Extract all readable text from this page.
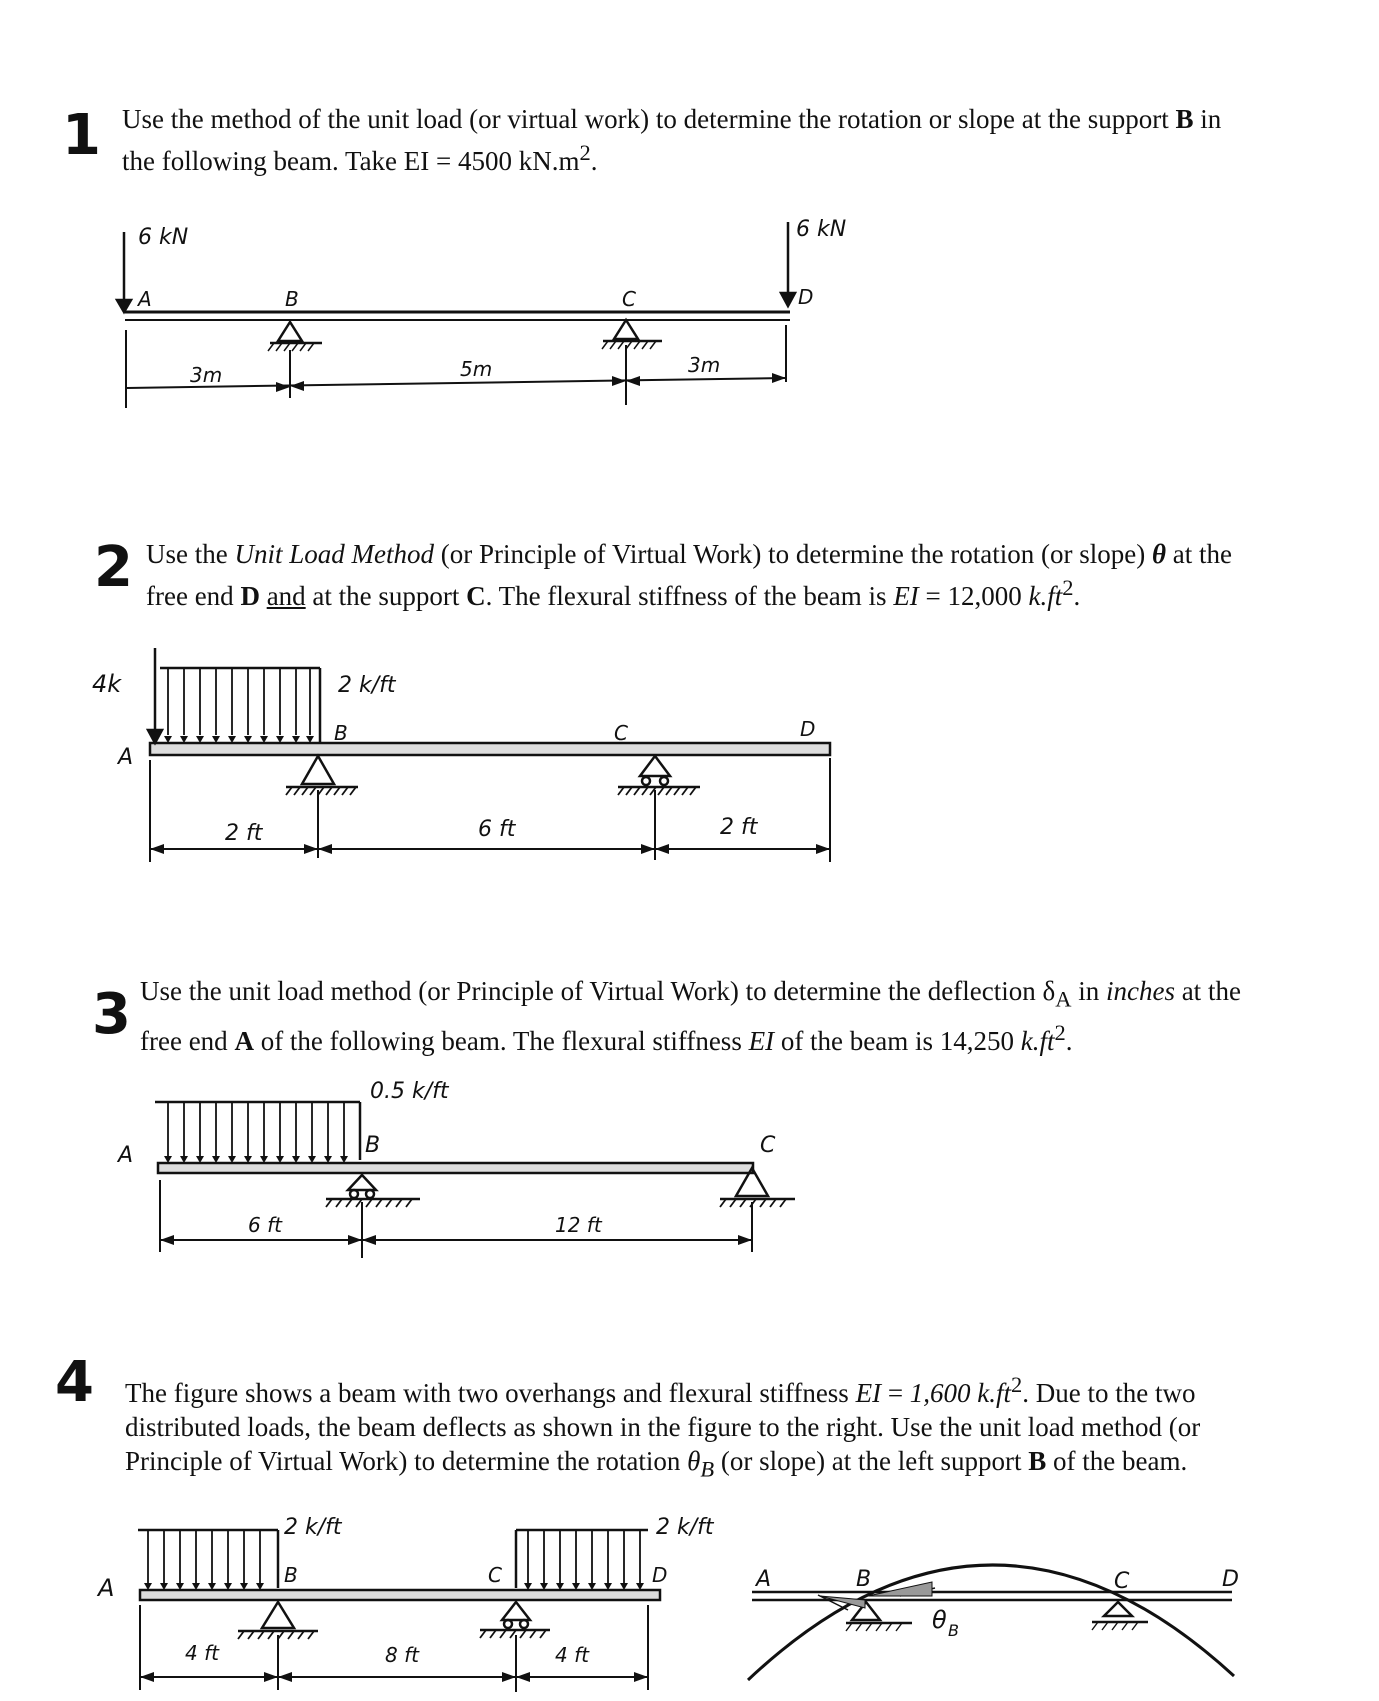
1 Use the method of the unit load (or virtual work) to determine the rotation or slope at the support B in the following beam. Take EI = 4500 $kN.m^2$.
6 kN	6 kN
A	B	C	D
3m	5m	3m
2 Use the Unit Load Method (or Principle of Virtual Work) to determine the rotation (or slope) θ at the free end D and at the support C. The flexural stiffness of the beam is EI = 12,000 $k.ft^2$.
4k	2 k/ft
A
B	C	D
2 ft	6 ft	2 ft
3 Use the unit load method (or Principle of Virtual Work) to determine the deflection $\delta_A$ in inches at the free end A of the following beam. The flexural stiffness EI of the beam is 14,250 $k.ft^2$.
0.5 k/ft
A	B	C
6 ft	12 ft
4 The figure shows a beam with two overhangs and flexural stiffness EI = 1,600 $k.ft^2$. Due to the two distributed loads, the beam deflects as shown in the figure to the right. Use the unit load method (or Principle of Virtual Work) to determine the rotation $\theta_B$ (or slope) at the left support B of the beam.
2 k/ft	2 k/ft
A	B	C	D
4 ft	8 ft	4 ft
A	B	C	D
θ B
